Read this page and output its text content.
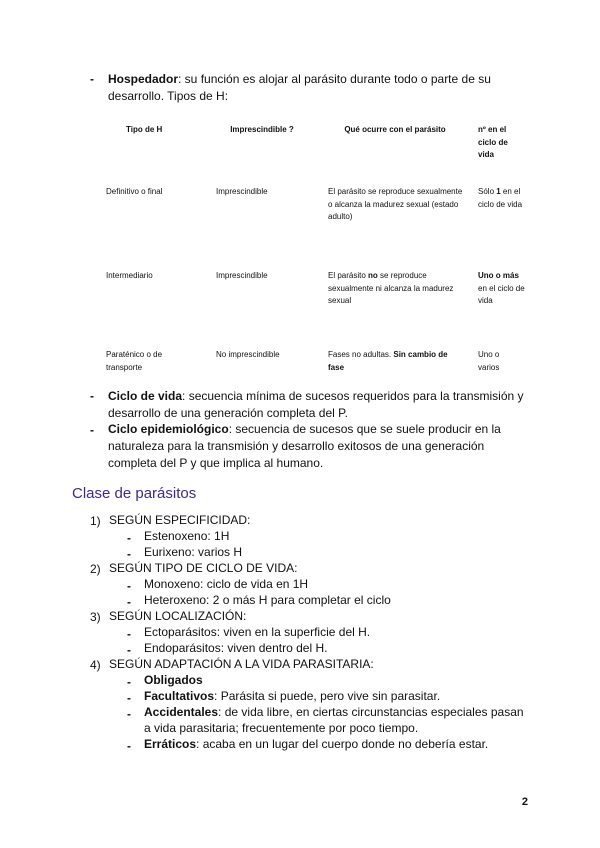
- Hospedador: su función es alojar al parásito durante todo o parte de su desarrollo. Tipos de H:
Tipo de H	Imprescindible ?	Qué ocurre con el parásito	nº en el ciclo de vida
Definitivo o final	Imprescindible	El parásito se reproduce sexualmente o alcanza la madurez sexual (estado adulto)	Sólo 1 en el ciclo de vida
Intermediario	Imprescindible	El parásito no se reproduce sexualmente ni alcanza la madurez sexual	Uno o más en el ciclo de vida
Paraténico o de transporte	No imprescindible	Fases no adultas. Sin cambio de fase	Uno o varios
- Ciclo de vida: secuencia mínima de sucesos requeridos para la transmisión y desarrollo de una generación completa del P.
- Ciclo epidemiológico: secuencia de sucesos que se suele producir en la naturaleza para la transmisión y desarrollo exitosos de una generación completa del P y que implica al humano.
Clase de parásitos
1) SEGÚN ESPECIFICIDAD:
- Estenoxeno: 1H
- Eurixeno: varios H
2) SEGÚN TIPO DE CICLO DE VIDA:
- Monoxeno: ciclo de vida en 1H
- Heteroxeno: 2 o más H para completar el ciclo
3) SEGÚN LOCALIZACIÓN:
- Ectoparásitos: viven en la superficie del H.
- Endoparásitos: viven dentro del H.
4) SEGÚN ADAPTACIÓN A LA VIDA PARASITARIA:
- Obligados
- Facultativos: Parásita si puede, pero vive sin parasitar.
- Accidentales: de vida libre, en ciertas circunstancias especiales pasan a vida parasitaria; frecuentemente por poco tiempo.
- Erráticos: acaba en un lugar del cuerpo donde no debería estar.
2
